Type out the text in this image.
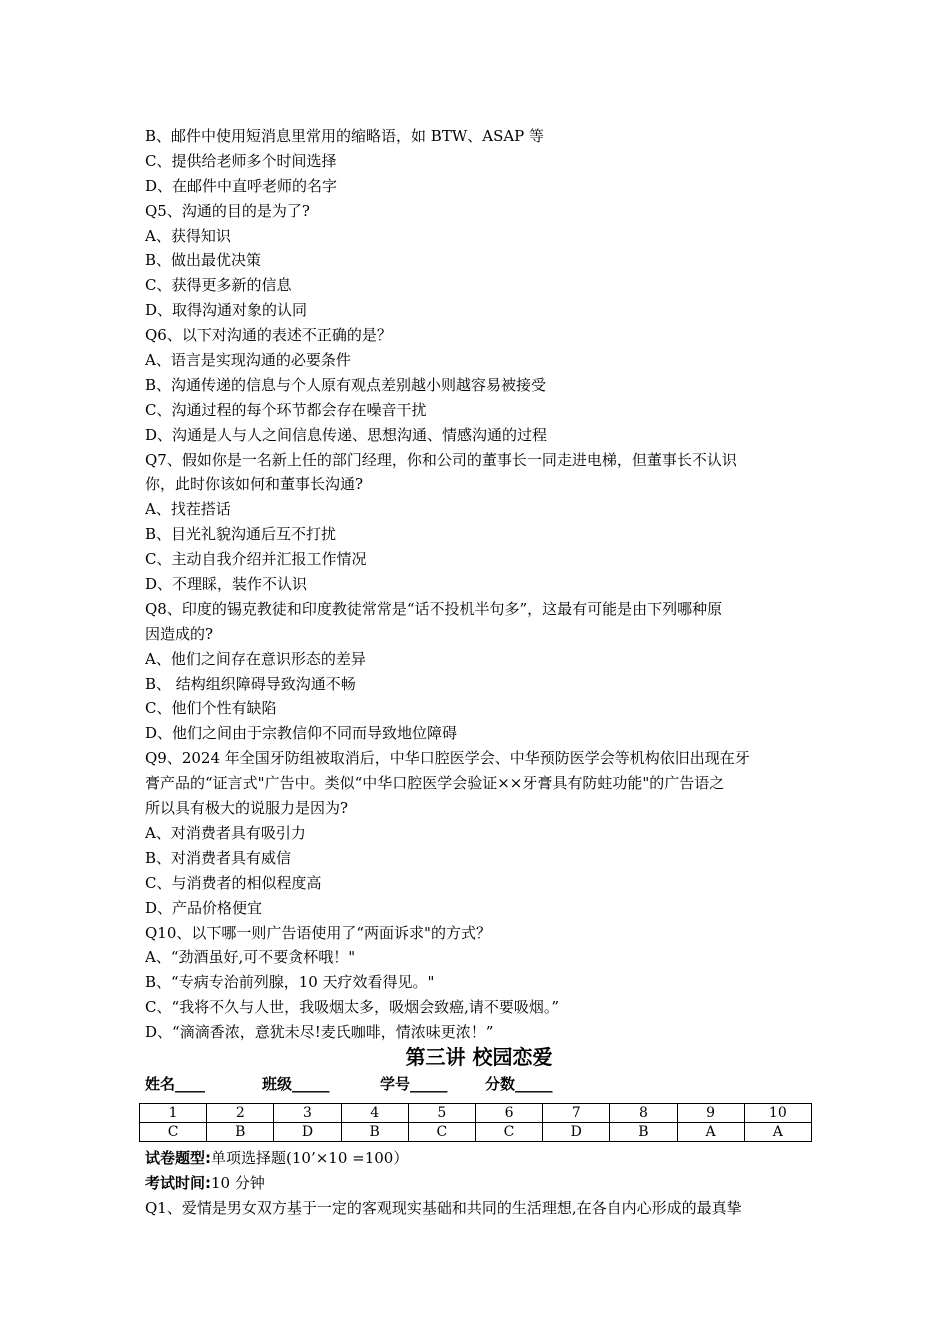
B、邮件中使用短消息里常用的缩略语，如 BTW、ASAP 等
C、提供给老师多个时间选择
D、在邮件中直呼老师的名字
Q5、沟通的目的是为了?
A、获得知识
B、做出最优决策
C、获得更多新的信息
D、取得沟通对象的认同
Q6、以下对沟通的表述不正确的是？
A、语言是实现沟通的必要条件
B、沟通传递的信息与个人原有观点差别越小则越容易被接受
C、沟通过程的每个环节都会存在噪音干扰
D、沟通是人与人之间信息传递、思想沟通、情感沟通的过程
Q7、假如你是一名新上任的部门经理，你和公司的董事长一同走进电梯，但董事长不认识
你，此时你该如何和董事长沟通?
A、找茬搭话
B、目光礼貌沟通后互不打扰
C、主动自我介绍并汇报工作情况
D、不理睬，装作不认识
Q8、印度的锡克教徒和印度教徒常常是“话不投机半句多”，这最有可能是由下列哪种原
因造成的?
A、他们之间存在意识形态的差异
B、 结构组织障碍导致沟通不畅
C、他们个性有缺陷
D、他们之间由于宗教信仰不同而导致地位障碍
Q9、2024 年全国牙防组被取消后，中华口腔医学会、中华预防医学会等机构依旧出现在牙
膏产品的“证言式"广告中。类似“中华口腔医学会验证××牙膏具有防蛀功能"的广告语之
所以具有极大的说服力是因为?
A、对消费者具有吸引力
B、对消费者具有威信
C、与消费者的相似程度高
D、产品价格便宜
Q10、以下哪一则广告语使用了“两面诉求"的方式？
A、“劲酒虽好,可不要贪杯哦！"
B、“专病专治前列腺，10 天疗效看得见。"
C、“我将不久与人世，我吸烟太多，吸烟会致癌,请不要吸烟。”
D、“滴滴香浓，意犹未尽!麦氏咖啡，情浓味更浓！”
第三讲 校园恋爱
姓名____	班级_____	学号_____ 分数_____
1	2	3	4	5	6	7	8	9	10
C	B	D	B	C	C	D	B	A	A
试卷题型:单项选择题(10’×10 =100）
考试时间:10 分钟
Q1、爱情是男女双方基于一定的客观现实基础和共同的生活理想,在各自内心形成的最真挚
